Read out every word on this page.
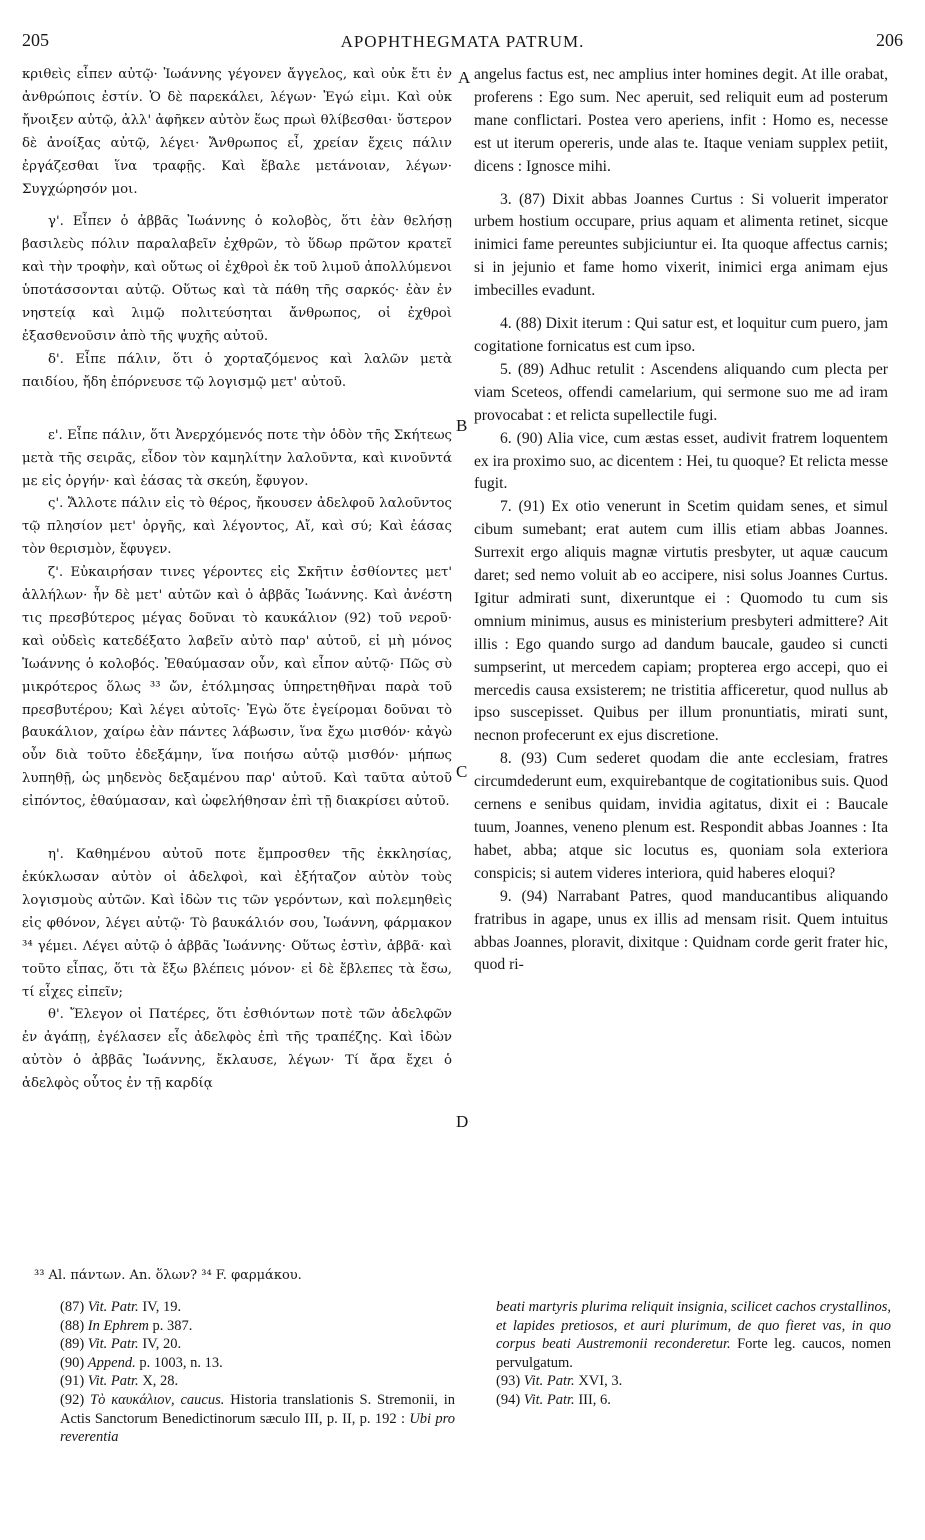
205	ΑΡΟΡΗΤΗΕGΜΑΤΑ PATRUM.	206

κριθεὶς εἶπεν αὐτῷ· Ἰωάννης γέγονεν ἄγγελος, καὶ οὐκ ἔτι ἐν ἀνθρώποις ἐστίν. Ὁ δὲ παρεκάλει, λέγων· Ἐγώ εἰμι. Καὶ οὐκ ἤνοιξεν αὐτῷ, ἀλλ' ἀφῆκεν αὐτὸν ἕως πρωὶ θλίβεσθαι· ὕστερον δὲ ἀνοίξας αὐτῷ, λέγει· Ἄνθρωπος εἶ, χρείαν ἔχεις πάλιν ἐργάζεσθαι ἵνα τραφῇς. Καὶ ἔβαλε μετάνοιαν, λέγων· Συγχώρησόν μοι.

γ'. Εἶπεν ὁ ἀββᾶς Ἰωάννης ὁ κολοβὸς, ὅτι ἐὰν θελήσῃ βασιλεὺς πόλιν παραλαβεῖν ἐχθρῶν, τὸ ὕδωρ πρῶτον κρατεῖ καὶ τὴν τροφὴν, καὶ οὕτως οἱ ἐχθροὶ ἐκ τοῦ λιμοῦ ἀπολλύμενοι ὑποτάσσονται αὐτῷ. Οὕτως καὶ τὰ πάθη τῆς σαρκός· ἐὰν ἐν νηστείᾳ καὶ λιμῷ πολιτεύσηται ἄνθρωπος, οἱ ἐχθροὶ ἐξασθενοῦσιν ἀπὸ τῆς ψυχῆς αὐτοῦ.

δ'. Εἶπε πάλιν, ὅτι ὁ χορταζόμενος καὶ λαλῶν μετὰ παιδίου, ἤδη ἐπόρνευσε τῷ λογισμῷ μετ' αὐτοῦ.

ε'. Εἶπε πάλιν, ὅτι Ἀνερχόμενός ποτε τὴν ὁδὸν τῆς Σκήτεως μετὰ τῆς σειρᾶς, εἶδον τὸν καμηλίτην λαλοῦντα, καὶ κινοῦντά με εἰς ὀργήν· καὶ ἐάσας τὰ σκεύη, ἔφυγον.

ς'. Ἄλλοτε πάλιν εἰς τὸ θέρος, ἤκουσεν ἀδελφοῦ λαλοῦντος τῷ πλησίον μετ' ὀργῆς, καὶ λέγοντος, Αἴ, καὶ σύ; Καὶ ἐάσας τὸν θερισμὸν, ἔφυγεν.

ζ'. Εὐκαιρήσαν τινες γέροντες εἰς Σκῆτιν ἐσθίοντες μετ' ἀλλήλων· ἦν δὲ μετ' αὐτῶν καὶ ὁ ἀββᾶς Ἰωάννης. Καὶ ἀνέστη τις πρεσβύτερος μέγας δοῦναι τὸ καυκάλιον (92) τοῦ νεροῦ· καὶ οὐδεὶς κατεδέξατο λαβεῖν αὐτὸ παρ' αὐτοῦ, εἰ μὴ μόνος Ἰωάννης ὁ κολοβός. Ἐθαύμασαν οὖν, καὶ εἶπον αὐτῷ· Πῶς σὺ μικρότερος ὅλως ³³ ὤν, ἐτόλμησας ὑπηρετηθῆναι παρὰ τοῦ πρεσβυτέρου; Καὶ λέγει αὐτοῖς· Ἐγὼ ὅτε ἐγείρομαι δοῦναι τὸ βαυκάλιον, χαίρω ἐὰν πάντες λάβωσιν, ἵνα ἔχω μισθόν· κἀγὼ οὖν διὰ τοῦτο ἐδεξάμην, ἵνα ποιήσω αὐτῷ μισθόν· μήπως λυπηθῇ, ὡς μηδενὸς δεξαμένου παρ' αὐτοῦ. Καὶ ταῦτα αὐτοῦ εἰπόντος, ἐθαύμασαν, καὶ ὠφελήθησαν ἐπὶ τῇ διακρίσει αὐτοῦ.

η'. Καθημένου αὐτοῦ ποτε ἔμπροσθεν τῆς ἐκκλησίας, ἐκύκλωσαν αὐτὸν οἱ ἀδελφοὶ, καὶ ἐξήταζον αὐτὸν τοὺς λογισμοὺς αὐτῶν. Καὶ ἰδὼν τις τῶν γερόντων, καὶ πολεμηθεὶς εἰς φθόνον, λέγει αὐτῷ· Τὸ βαυκάλιόν σου, Ἰωάννη, φάρμακον ³⁴ γέμει. Λέγει αὐτῷ ὁ ἀββᾶς Ἰωάννης· Οὕτως ἐστὶν, ἀββᾶ· καὶ τοῦτο εἶπας, ὅτι τὰ ἔξω βλέπεις μόνον· εἰ δὲ ἔβλεπες τὰ ἔσω, τί εἶχες εἰπεῖν;

θ'. Ἔλεγον οἱ Πατέρες, ὅτι ἐσθιόντων ποτὲ τῶν ἀδελφῶν ἐν ἀγάπῃ, ἐγέλασεν εἷς ἀδελφὸς ἐπὶ τῆς τραπέζης. Καὶ ἰδὼν αὐτὸν ὁ ἀββᾶς Ἰωάννης, ἔκλαυσε, λέγων· Τί ἄρα ἔχει ὁ ἀδελφὸς οὗτος ἐν τῇ καρδίᾳ

angelus factus est, nec amplius inter homines degit. At ille orabat, proferens : Ego sum. Nec aperuit, sed reliquit eum ad posterum mane conflictari. Postea vero aperiens, infit : Homo es, necesse est ut iterum opereris, unde alas te. Itaque veniam supplex petiit, dicens : Ignosce mihi.

3. (87) Dixit abbas Joannes Curtus : Si voluerit imperator urbem hostium occupare, prius aquam et alimenta retinet, sicque inimici fame pereuntes subjiciuntur ei. Ita quoque affectus carnis; si in jejunio et fame homo vixerit, inimici erga animam ejus imbecilles evadunt.

4. (88) Dixit iterum : Qui satur est, et loquitur cum puero, jam cogitatione fornicatus est cum ipso.

5. (89) Adhuc retulit : Ascendens aliquando cum plecta per viam Sceteos, offendi camelarium, qui sermone suo me ad iram provocabat : et relicta supellectile fugi.

6. (90) Alia vice, cum æstas esset, audivit fratrem loquentem ex ira proximo suo, ac dicentem : Hei, tu quoque? Et relicta messe fugit.

7. (91) Ex otio venerunt in Scetim quidam senes, et simul cibum sumebant; erat autem cum illis etiam abbas Joannes. Surrexit ergo aliquis magnæ virtutis presbyter, ut aquæ caucum daret; sed nemo voluit ab eo accipere, nisi solus Joannes Curtus. Igitur admirati sunt, dixeruntque ei : Quomodo tu cum sis omnium minimus, ausus es ministerium presbyteri admittere? Ait illis : Ego quando surgo ad dandum baucale, gaudeo si cuncti sumpserint, ut mercedem capiam; propterea ergo accepi, quo ei mercedis causa exsisterem; ne tristitia afficeretur, quod nullus ab ipso suscepisset. Quibus per illum pronuntiatis, mirati sunt, necnon profecerunt ex ejus discretione.

8. (93) Cum sederet quodam die ante ecclesiam, fratres circumdederunt eum, exquirebantque de cogitationibus suis. Quod cernens e senibus quidam, invidia agitatus, dixit ei : Baucale tuum, Joannes, veneno plenum est. Respondit abbas Joannes : Ita habet, abba; atque sic locutus es, quoniam sola exteriora conspicis; si autem videres interiora, quid haberes eloqui?

9. (94) Narrabant Patres, quod manducantibus aliquando fratribus in agape, unus ex illis ad mensam risit. Quem intuitus abbas Joannes, ploravit, dixitque : Quidnam corde gerit frater hic, quod ri-

A
B
C
D
³³ Al. πάντων. An. ὅλων? ³⁴ F. φαρμάκου.
(87) Vit. Patr. IV, 19.
(88) In Ephrem p. 387.
(89) Vit. Patr. IV, 20.
(90) Append. p. 1003, n. 13.
(91) Vit. Patr. X, 28.
(92) Τὸ καυκάλιον, caucus. Historia translationis S. Stremonii, in Actis Sanctorum Benedictinorum sæculo III, p. II, p. 192 : Ubi pro reverentia
beati martyris plurima reliquit insignia, scilicet cachos crystallinos, et lapides pretiosos, et auri plurimum, de quo fieret vas, in quo corpus beati Austremonii reconderetur. Forte leg. caucos, nomen pervulgatum.
(93) Vit. Patr. XVI, 3.
(94) Vit. Patr. III, 6.
